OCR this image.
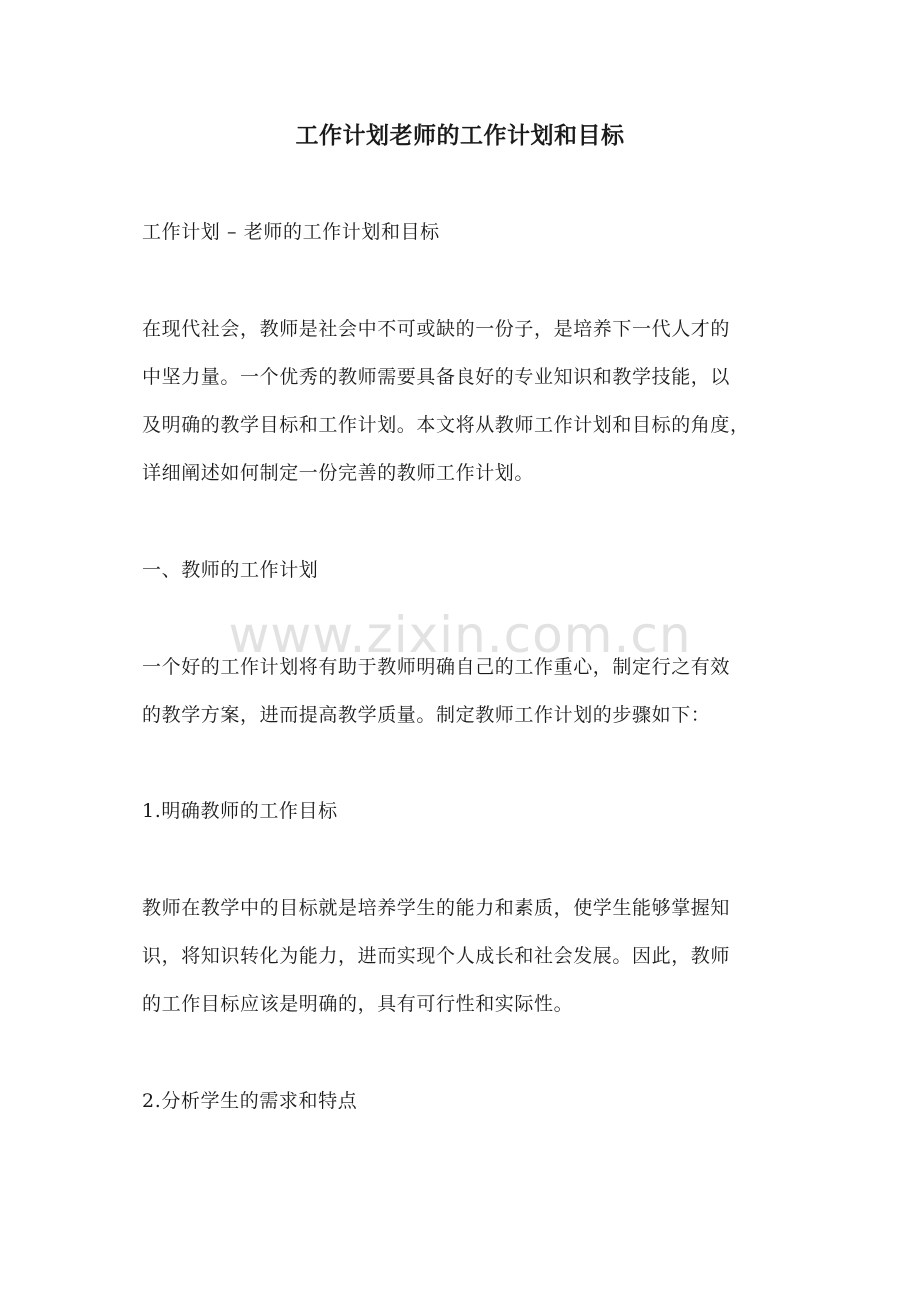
工作计划老师的工作计划和目标
工作计划 – 老师的工作计划和目标
在现代社会，教师是社会中不可或缺的一份子，是培养下一代人才的
中坚力量。一个优秀的教师需要具备良好的专业知识和教学技能，以
及明确的教学目标和工作计划。本文将从教师工作计划和目标的角度，
详细阐述如何制定一份完善的教师工作计划。
一、教师的工作计划
一个好的工作计划将有助于教师明确自己的工作重心，制定行之有效
的教学方案，进而提高教学质量。制定教师工作计划的步骤如下：
1.明确教师的工作目标
教师在教学中的目标就是培养学生的能力和素质，使学生能够掌握知
识，将知识转化为能力，进而实现个人成长和社会发展。因此，教师
的工作目标应该是明确的，具有可行性和实际性。
2.分析学生的需求和特点
www.zixin.com.cn
